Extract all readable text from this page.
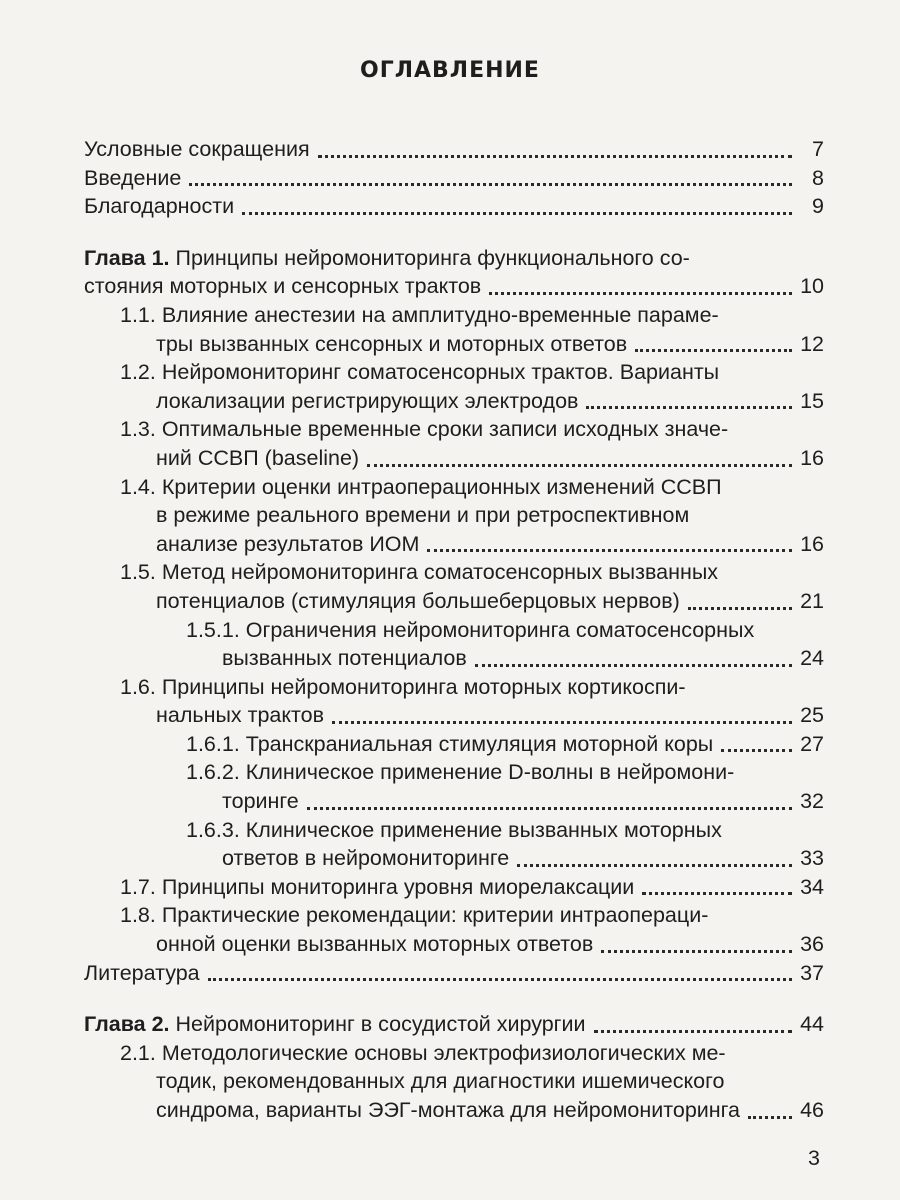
ОГЛАВЛЕНИЕ
Условные сокращения	7
Введение	8
Благодарности	9
Глава 1. Принципы нейромониторинга функционального со-
стояния моторных и сенсорных трактов	10
1.1. Влияние анестезии на амплитудно-временные параме-
тры вызванных сенсорных и моторных ответов	12
1.2. Нейромониторинг соматосенсорных трактов. Варианты
локализации регистрирующих электродов	15
1.3. Оптимальные временные сроки записи исходных значе-
ний ССВП (baseline)	16
1.4. Критерии оценки интраоперационных изменений ССВП
в режиме реального времени и при ретроспективном
анализе результатов ИОМ	16
1.5. Метод нейромониторинга соматосенсорных вызванных
потенциалов (стимуляция большеберцовых нервов)	21
1.5.1. Ограничения нейромониторинга соматосенсорных
вызванных потенциалов	24
1.6. Принципы нейромониторинга моторных кортикоспи-
нальных трактов	25
1.6.1. Транскраниальная стимуляция моторной коры	27
1.6.2. Клиническое применение D-волны в нейромони-
торинге	32
1.6.3. Клиническое применение вызванных моторных
ответов в нейромониторинге	33
1.7. Принципы мониторинга уровня миорелаксации	34
1.8. Практические рекомендации: критерии интраопераци-
онной оценки вызванных моторных ответов	36
Литература	37
Глава 2. Нейромониторинг в сосудистой хирургии	44
2.1. Методологические основы электрофизиологических ме-
тодик, рекомендованных для диагностики ишемического
синдрома, варианты ЭЭГ-монтажа для нейромониторинга	46
3
